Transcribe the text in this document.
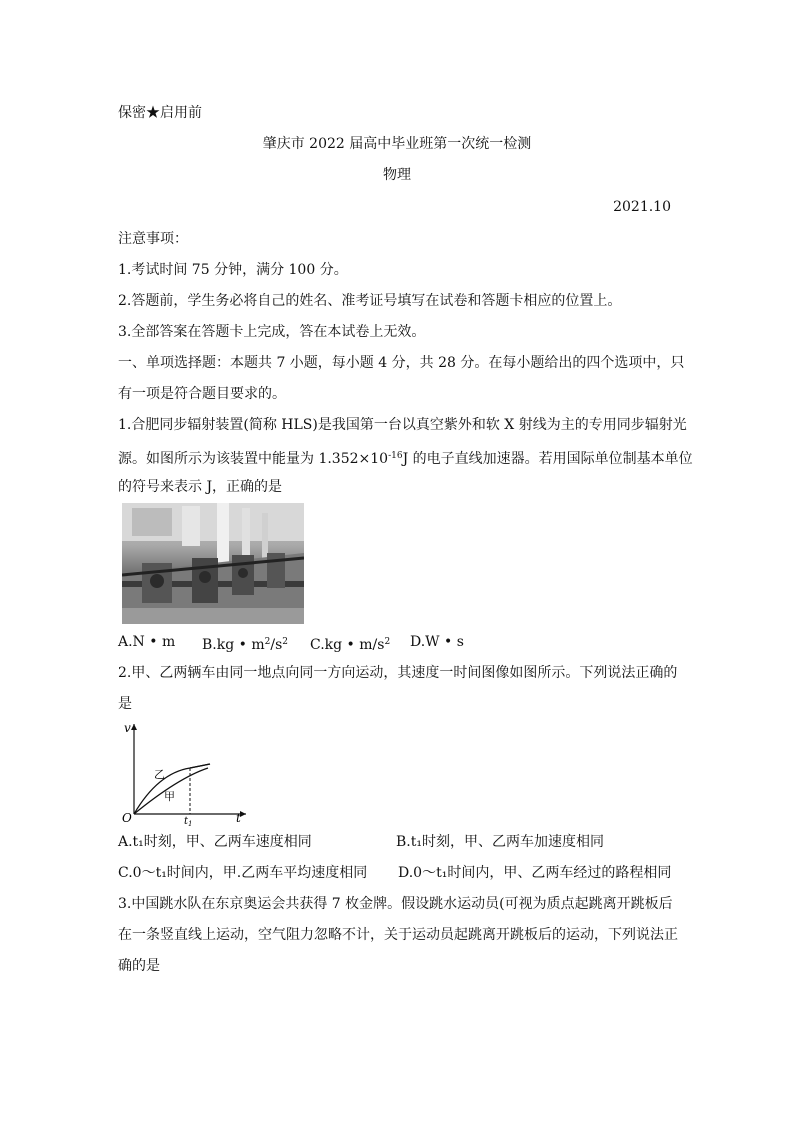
保密★启用前
肇庆市 2022 届高中毕业班第一次统一检测
物理
2021.10
注意事项：
1.考试时间 75 分钟，满分 100 分。
2.答题前，学生务必将自己的姓名、准考证号填写在试卷和答题卡相应的位置上。
3.全部答案在答题卡上完成，答在本试卷上无效。
一、单项选择题：本题共 7 小题，每小题 4 分，共 28 分。在每小题给出的四个选项中，只
有一项是符合题目要求的。
1.合肥同步辐射装置(简称 HLS)是我国第一台以真空紫外和软 X 射线为主的专用同步辐射光
源。如图所示为该装置中能量为 $1.352\times 10^{-16}J$ 的电子直线加速器。若用国际单位制基本单位
的符号来表示 J，正确的是
A.N • m B.kg • $m^2/s^2$ C.kg • $m/s^2$ D.W • s
2.甲、乙两辆车由同一地点向同一方向运动，其速度一时间图像如图所示。下列说法正确的
是
v
t
O	$t_1$
乙
甲
A.t₁时刻，甲、乙两车速度相同	B.t₁时刻，甲、乙两车加速度相同
C.0～t₁时间内，甲.乙两车平均速度相同 D.0～t₁时间内，甲、乙两车经过的路程相同
3.中国跳水队在东京奥运会共获得 7 枚金牌。假设跳水运动员(可视为质点起跳离开跳板后
在一条竖直线上运动，空气阻力忽略不计，关于运动员起跳离开跳板后的运动，下列说法正
确的是
